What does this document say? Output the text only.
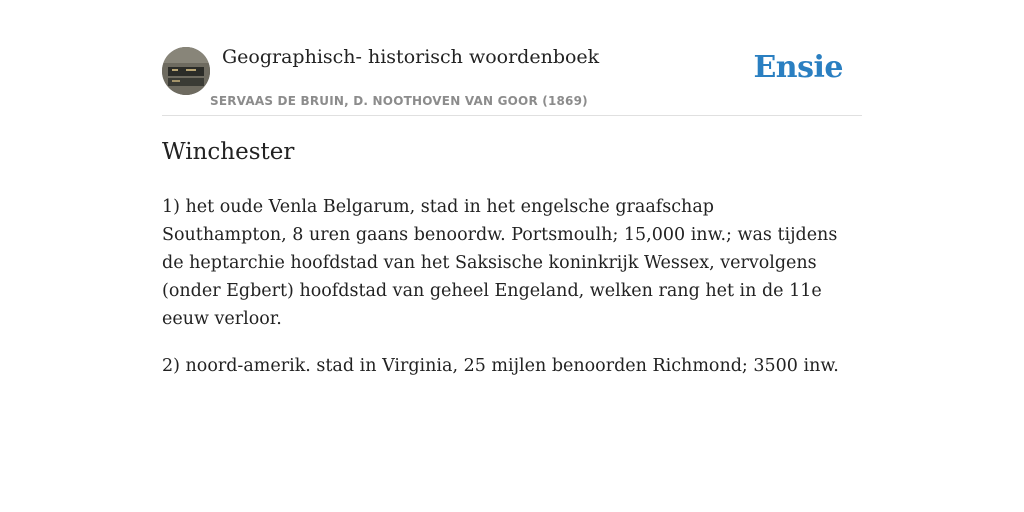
Geographisch- historisch woordenboek
SERVAAS DE BRUIN, D. NOOTHOVEN VAN GOOR (1869)
Ensie
Winchester

1) het oude Venla Belgarum, stad in het engelsche graafschap Southampton, 8 uren gaans benoordw. Portsmoulh; 15,000 inw.; was tijdens de heptarchie hoofdstad van het Saksische koninkrijk Wessex, vervolgens (onder Egbert) hoofdstad van geheel Engeland, welken rang het in de 11e eeuw verloor.

2) noord-amerik. stad in Virginia, 25 mijlen benoorden Richmond; 3500 inw.
